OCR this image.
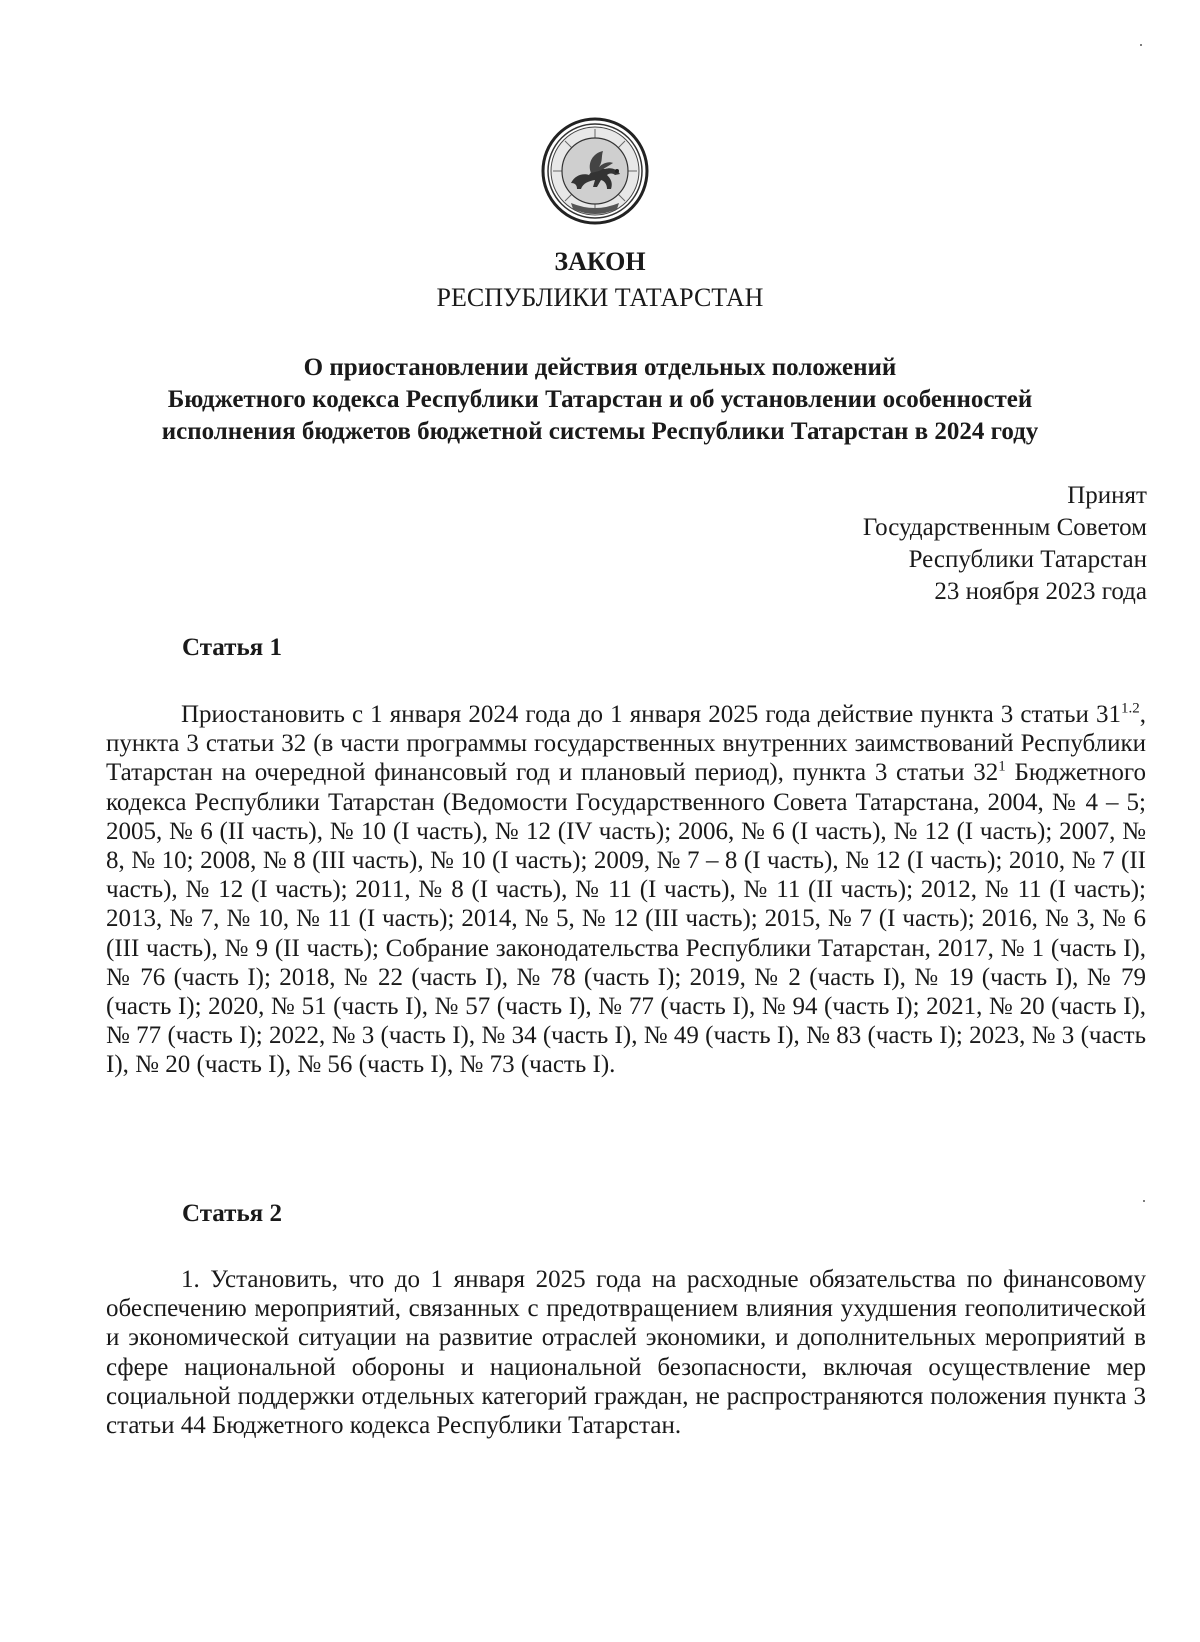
ЗАКОН
РЕСПУБЛИКИ ТАТАРСТАН
О приостановлении действия отдельных положений
Бюджетного кодекса Республики Татарстан и об установлении особенностей
исполнения бюджетов бюджетной системы Республики Татарстан в 2024 году
Принят
Государственным Советом
Республики Татарстан
23 ноября 2023 года
Статья 1
Приостановить с 1 января 2024 года до 1 января 2025 года действие пункта 3 статьи $31^{1.2}$, пункта 3 статьи 32 (в части программы государственных внутренних заимствований Республики Татарстан на очередной финансовый год и плановый период), пункта 3 статьи $32^1$ Бюджетного кодекса Республики Татарстан (Ведомости Государственного Совета Татарстана, 2004, № 4 – 5; 2005, № 6 (II часть), № 10 (I часть), № 12 (IV часть); 2006, № 6 (I часть), № 12 (I часть); 2007, № 8, № 10; 2008, № 8 (III часть), № 10 (I часть); 2009, № 7 – 8 (I часть), № 12 (I часть); 2010, № 7 (II часть), № 12 (I часть); 2011, № 8 (I часть), № 11 (I часть), № 11 (II часть); 2012, № 11 (I часть); 2013, № 7, № 10, № 11 (I часть); 2014, № 5, № 12 (III часть); 2015, № 7 (I часть); 2016, № 3, № 6 (III часть), № 9 (II часть); Собрание законодательства Республики Татарстан, 2017, № 1 (часть I), № 76 (часть I); 2018, № 22 (часть I), № 78 (часть I); 2019, № 2 (часть I), № 19 (часть I), № 79 (часть I); 2020, № 51 (часть I), № 57 (часть I), № 77 (часть I), № 94 (часть I); 2021, № 20 (часть I), № 77 (часть I); 2022, № 3 (часть I), № 34 (часть I), № 49 (часть I), № 83 (часть I); 2023, № 3 (часть I), № 20 (часть I), № 56 (часть I), № 73 (часть I).
Статья 2
1. Установить, что до 1 января 2025 года на расходные обязательства по финансовому обеспечению мероприятий, связанных с предотвращением влияния ухудшения геополитической и экономической ситуации на развитие отраслей экономики, и дополнительных мероприятий в сфере национальной обороны и национальной безопасности, включая осуществление мер социальной поддержки отдельных категорий граждан, не распространяются положения пункта 3 статьи 44 Бюджетного кодекса Республики Татарстан.
